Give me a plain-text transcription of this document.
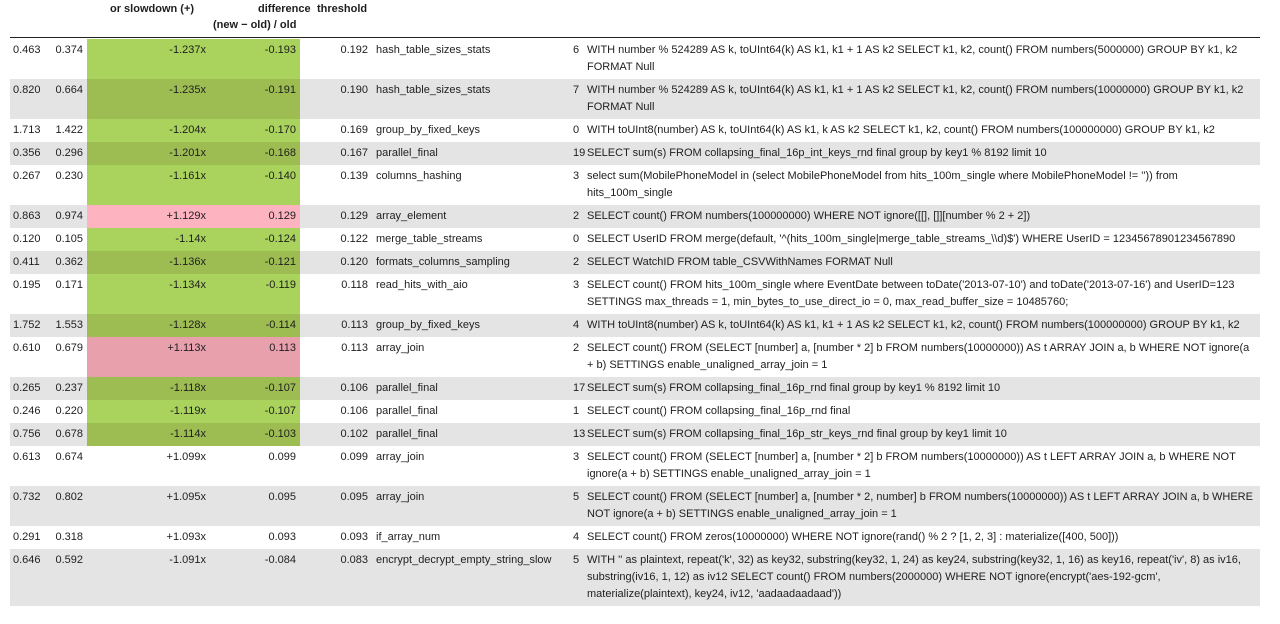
or slowdown (+)	difference
(new − old) / old
threshold
0.463	0.374	-1.237x	-0.193	0.192	hash_table_sizes_stats	6	WITH number % 524289 AS k, toUInt64(k) AS k1, k1 + 1 AS k2 SELECT k1, k2, count() FROM numbers(5000000) GROUP BY k1, k2 FORMAT Null
0.820	0.664	-1.235x	-0.191	0.190	hash_table_sizes_stats	7	WITH number % 524289 AS k, toUInt64(k) AS k1, k1 + 1 AS k2 SELECT k1, k2, count() FROM numbers(10000000) GROUP BY k1, k2 FORMAT Null
1.713	1.422	-1.204x	-0.170	0.169	group_by_fixed_keys	0	WITH toUInt8(number) AS k, toUInt64(k) AS k1, k AS k2 SELECT k1, k2, count() FROM numbers(100000000) GROUP BY k1, k2
0.356	0.296	-1.201x	-0.168	0.167	parallel_final	19	SELECT sum(s) FROM collapsing_final_16p_int_keys_rnd final group by key1 % 8192 limit 10
0.267	0.230	-1.161x	-0.140	0.139	columns_hashing	3	select sum(MobilePhoneModel in (select MobilePhoneModel from hits_100m_single where MobilePhoneModel != '')) from hits_100m_single
0.863	0.974	+1.129x	0.129	0.129	array_element	2	SELECT count() FROM numbers(100000000) WHERE NOT ignore([[], []][number % 2 + 2])
0.120	0.105	-1.14x	-0.124	0.122	merge_table_streams	0	SELECT UserID FROM merge(default, '^(hits_100m_single|merge_table_streams_\\d)$') WHERE UserID = 12345678901234567890
0.411	0.362	-1.136x	-0.121	0.120	formats_columns_sampling	2	SELECT WatchID FROM table_CSVWithNames FORMAT Null
0.195	0.171	-1.134x	-0.119	0.118	read_hits_with_aio	3	SELECT count() FROM hits_100m_single where EventDate between toDate('2013-07-10') and toDate('2013-07-16') and UserID=123 SETTINGS max_threads = 1, min_bytes_to_use_direct_io = 0, max_read_buffer_size = 10485760;
1.752	1.553	-1.128x	-0.114	0.113	group_by_fixed_keys	4	WITH toUInt8(number) AS k, toUInt64(k) AS k1, k1 + 1 AS k2 SELECT k1, k2, count() FROM numbers(100000000) GROUP BY k1, k2
0.610	0.679	+1.113x	0.113	0.113	array_join	2	SELECT count() FROM (SELECT [number] a, [number * 2] b FROM numbers(10000000)) AS t ARRAY JOIN a, b WHERE NOT ignore(a + b) SETTINGS enable_unaligned_array_join = 1
0.265	0.237	-1.118x	-0.107	0.106	parallel_final	17	SELECT sum(s) FROM collapsing_final_16p_rnd final group by key1 % 8192 limit 10
0.246	0.220	-1.119x	-0.107	0.106	parallel_final	1	SELECT count() FROM collapsing_final_16p_rnd final
0.756	0.678	-1.114x	-0.103	0.102	parallel_final	13	SELECT sum(s) FROM collapsing_final_16p_str_keys_rnd final group by key1 limit 10
0.613	0.674	+1.099x	0.099	0.099	array_join	3	SELECT count() FROM (SELECT [number] a, [number * 2] b FROM numbers(10000000)) AS t LEFT ARRAY JOIN a, b WHERE NOT ignore(a + b) SETTINGS enable_unaligned_array_join = 1
0.732	0.802	+1.095x	0.095	0.095	array_join	5	SELECT count() FROM (SELECT [number] a, [number * 2, number] b FROM numbers(10000000)) AS t LEFT ARRAY JOIN a, b WHERE NOT ignore(a + b) SETTINGS enable_unaligned_array_join = 1
0.291	0.318	+1.093x	0.093	0.093	if_array_num	4	SELECT count() FROM zeros(10000000) WHERE NOT ignore(rand() % 2 ? [1, 2, 3] : materialize([400, 500]))
0.646	0.592	-1.091x	-0.084	0.083	encrypt_decrypt_empty_string_slow	5	WITH '' as plaintext, repeat('k', 32) as key32, substring(key32, 1, 24) as key24, substring(key32, 1, 16) as key16, repeat('iv', 8) as iv16, substring(iv16, 1, 12) as iv12 SELECT count() FROM numbers(2000000) WHERE NOT ignore(encrypt('aes-192-gcm', materialize(plaintext), key24, iv12, 'aadaadaadaad'))
